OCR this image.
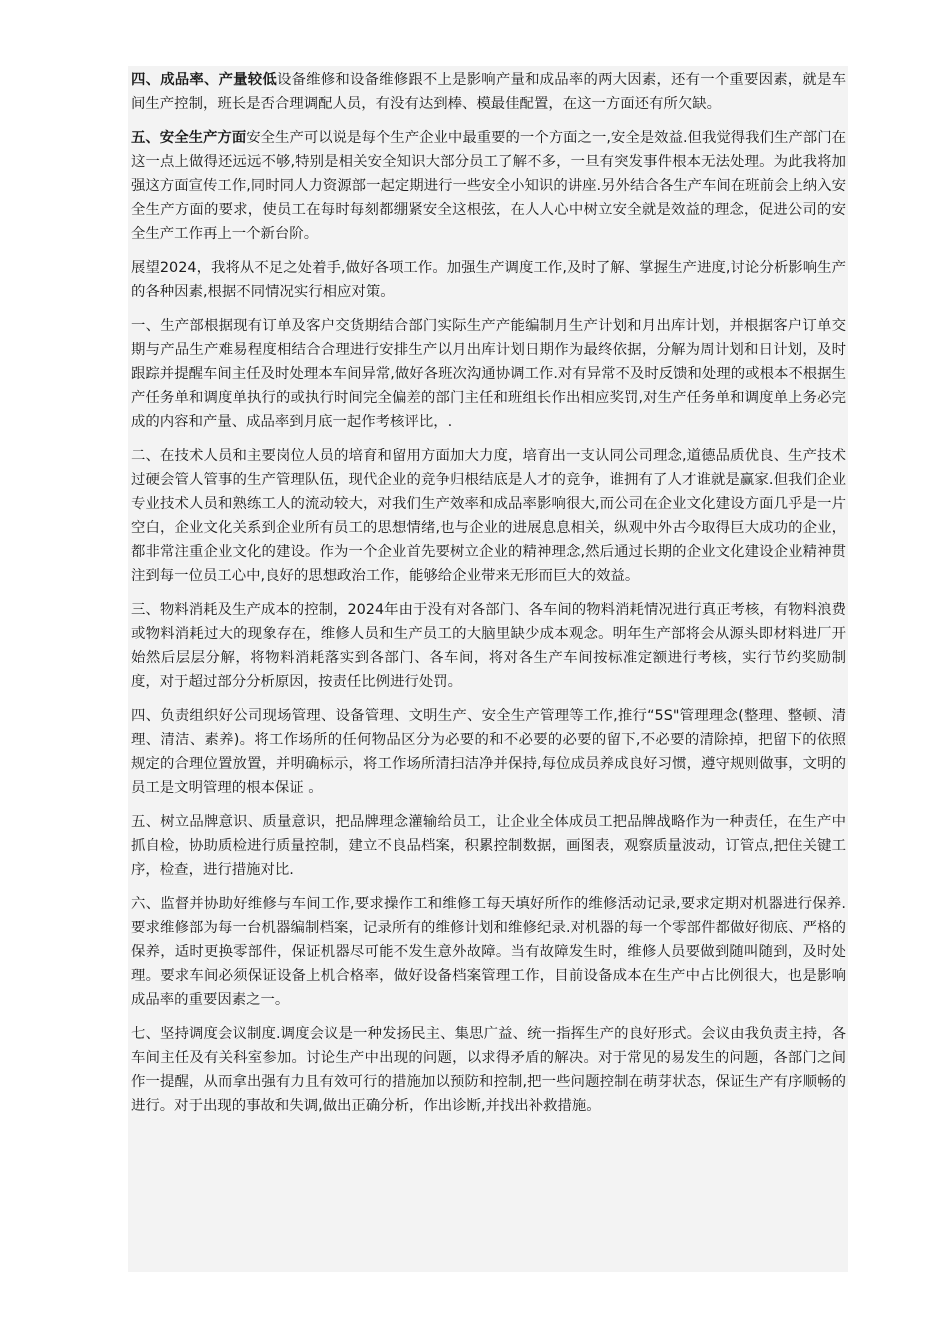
四、成品率、产量较低设备维修和设备维修跟不上是影响产量和成品率的两大因素，还有一个重要因素，就是车间生产控制，班长是否合理调配人员，有没有达到棒、模最佳配置，在这一方面还有所欠缺。

五、安全生产方面安全生产可以说是每个生产企业中最重要的一个方面之一,安全是效益.但我觉得我们生产部门在这一点上做得还远远不够,特别是相关安全知识大部分员工了解不多，一旦有突发事件根本无法处理。为此我将加强这方面宣传工作,同时同人力资源部一起定期进行一些安全小知识的讲座.另外结合各生产车间在班前会上纳入安全生产方面的要求，使员工在每时每刻都绷紧安全这根弦，在人人心中树立安全就是效益的理念，促进公司的安全生产工作再上一个新台阶。

展望2024，我将从不足之处着手,做好各项工作。加强生产调度工作,及时了解、掌握生产进度,讨论分析影响生产的各种因素,根据不同情况实行相应对策。

一、生产部根据现有订单及客户交货期结合部门实际生产产能编制月生产计划和月出库计划，并根据客户订单交期与产品生产难易程度相结合合理进行安排生产以月出库计划日期作为最终依据，分解为周计划和日计划，及时跟踪并提醒车间主任及时处理本车间异常,做好各班次沟通协调工作.对有异常不及时反馈和处理的或根本不根据生产任务单和调度单执行的或执行时间完全偏差的部门主任和班组长作出相应奖罚,对生产任务单和调度单上务必完成的内容和产量、成品率到月底一起作考核评比，.

二、在技术人员和主要岗位人员的培育和留用方面加大力度，培育出一支认同公司理念,道德品质优良、生产技术过硬会管人管事的生产管理队伍，现代企业的竞争归根结底是人才的竞争，谁拥有了人才谁就是赢家.但我们企业专业技术人员和熟练工人的流动较大，对我们生产效率和成品率影响很大,而公司在企业文化建设方面几乎是一片空白，企业文化关系到企业所有员工的思想情绪,也与企业的进展息息相关，纵观中外古今取得巨大成功的企业，都非常注重企业文化的建设。作为一个企业首先要树立企业的精神理念,然后通过长期的企业文化建设企业精神贯注到每一位员工心中,良好的思想政治工作，能够给企业带来无形而巨大的效益。

三、物料消耗及生产成本的控制，2024年由于没有对各部门、各车间的物料消耗情况进行真正考核，有物料浪费或物料消耗过大的现象存在，维修人员和生产员工的大脑里缺少成本观念。明年生产部将会从源头即材料进厂开始然后层层分解，将物料消耗落实到各部门、各车间，将对各生产车间按标准定额进行考核，实行节约奖励制度，对于超过部分分析原因，按责任比例进行处罚。

四、负责组织好公司现场管理、设备管理、文明生产、安全生产管理等工作,推行“5S"管理理念(整理、整顿、清理、清洁、素养)。将工作场所的任何物品区分为必要的和不必要的必要的留下,不必要的清除掉，把留下的依照规定的合理位置放置，并明确标示，将工作场所清扫洁净并保持,每位成员养成良好习惯，遵守规则做事，文明的员工是文明管理的根本保证 。

五、树立品牌意识、质量意识，把品牌理念灌输给员工，让企业全体成员工把品牌战略作为一种责任，在生产中抓自检，协助质检进行质量控制，建立不良品档案，积累控制数据，画图表，观察质量波动，订管点,把住关键工序，检查，进行措施对比.

六、监督并协助好维修与车间工作,要求操作工和维修工每天填好所作的维修活动记录,要求定期对机器进行保养.要求维修部为每一台机器编制档案，记录所有的维修计划和维修纪录.对机器的每一个零部件都做好彻底、严格的保养，适时更换零部件，保证机器尽可能不发生意外故障。当有故障发生时，维修人员要做到随叫随到，及时处理。要求车间必须保证设备上机合格率，做好设备档案管理工作，目前设备成本在生产中占比例很大，也是影响成品率的重要因素之一。

七、坚持调度会议制度.调度会议是一种发扬民主、集思广益、统一指挥生产的良好形式。会议由我负责主持，各车间主任及有关科室参加。讨论生产中出现的问题，以求得矛盾的解决。对于常见的易发生的问题，各部门之间作一提醒，从而拿出强有力且有效可行的措施加以预防和控制,把一些问题控制在萌芽状态，保证生产有序顺畅的进行。对于出现的事故和失调,做出正确分析，作出诊断,并找出补救措施。
